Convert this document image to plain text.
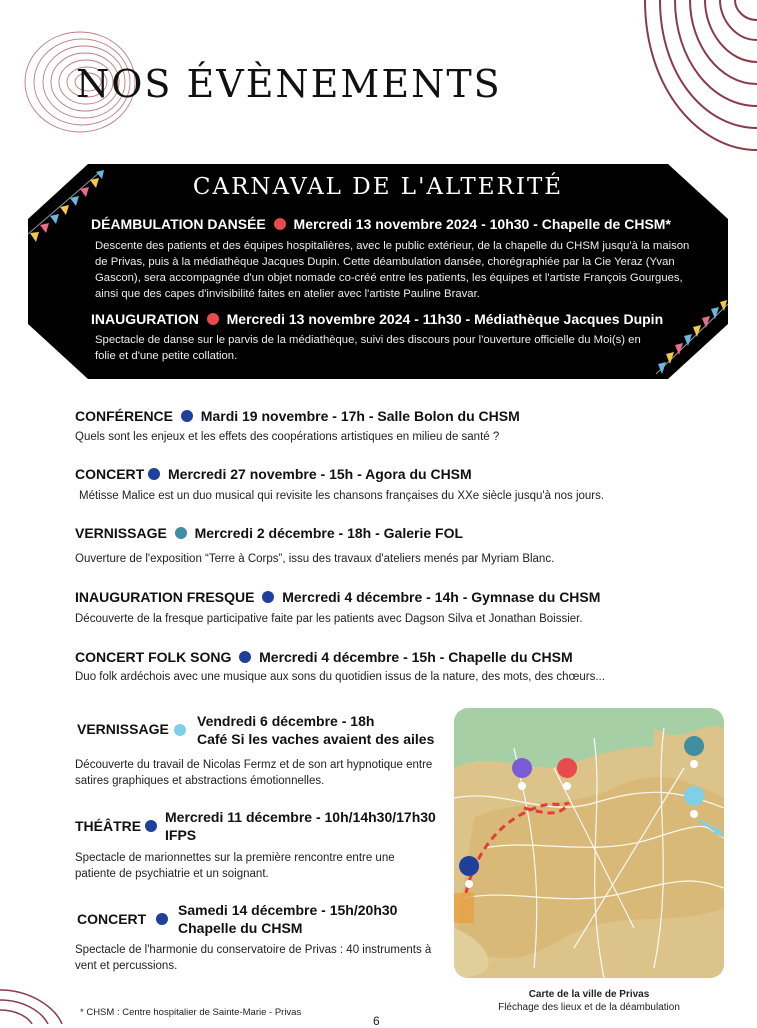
NOS ÉVÈNEMENTS
CARNAVAL DE L'ALTERITÉ
DÉAMBULATION DANSÉE Mercredi 13 novembre 2024 - 10h30 - Chapelle de CHSM*
Descente des patients et des équipes hospitalières, avec le public extérieur, de la chapelle du CHSM jusqu'à la maison de Privas, puis à la médiathèque Jacques Dupin. Cette déambulation dansée, chorégraphiée par la Cie Yeraz (Yvan Gascon), sera accompagnée d'un objet nomade co-créé entre les patients, les équipes et l'artiste François Gourgues, ainsi que des capes d'invisibilité faites en atelier avec l'artiste Pauline Bravar.
INAUGURATION Mercredi 13 novembre 2024 - 11h30 - Médiathèque Jacques Dupin
Spectacle de danse sur le parvis de la médiathèque, suivi des discours pour l'ouverture officielle du Moi(s) en folie et d'une petite collation.
CONFÉRENCE Mardi 19 novembre - 17h - Salle Bolon du CHSM
Quels sont les enjeux et les effets des coopérations artistiques en milieu de santé ?
CONCERT Mercredi 27 novembre - 15h - Agora du CHSM
Métisse Malice est un duo musical qui revisite les chansons françaises du XXe siècle jusqu'à nos jours.
VERNISSAGE Mercredi 2 décembre - 18h - Galerie FOL
Ouverture de l'exposition “Terre à Corps”, issu des travaux d'ateliers menés par Myriam Blanc.
INAUGURATION FRESQUE Mercredi 4 décembre - 14h - Gymnase du CHSM
Découverte de la fresque participative faite par les patients avec Dagson Silva et Jonathan Boissier.
CONCERT FOLK SONG Mercredi 4 décembre - 15h - Chapelle du CHSM
Duo folk ardéchois avec une musique aux sons du quotidien issus de la nature, des mots, des chœurs...
VERNISSAGE Vendredi 6 décembre - 18h
Café Si les vaches avaient des ailes
Découverte du travail de Nicolas Fermz et de son art hypnotique entre satires graphiques et abstractions émotionnelles.
THÉÂTRE
Mercredi 11 décembre - 10h/14h30/17h30
IFPS
Spectacle de marionnettes sur la première rencontre entre une patiente de psychiatrie et un soignant.
CONCERT
Samedi 14 décembre - 15h/20h30
Chapelle du CHSM
Spectacle de l'harmonie du conservatoire de Privas : 40 instruments à vent et percussions.
Carte de la ville de Privas
Fléchage des lieux et de la déambulation
* CHSM : Centre hospitalier de Sainte-Marie - Privas
6
